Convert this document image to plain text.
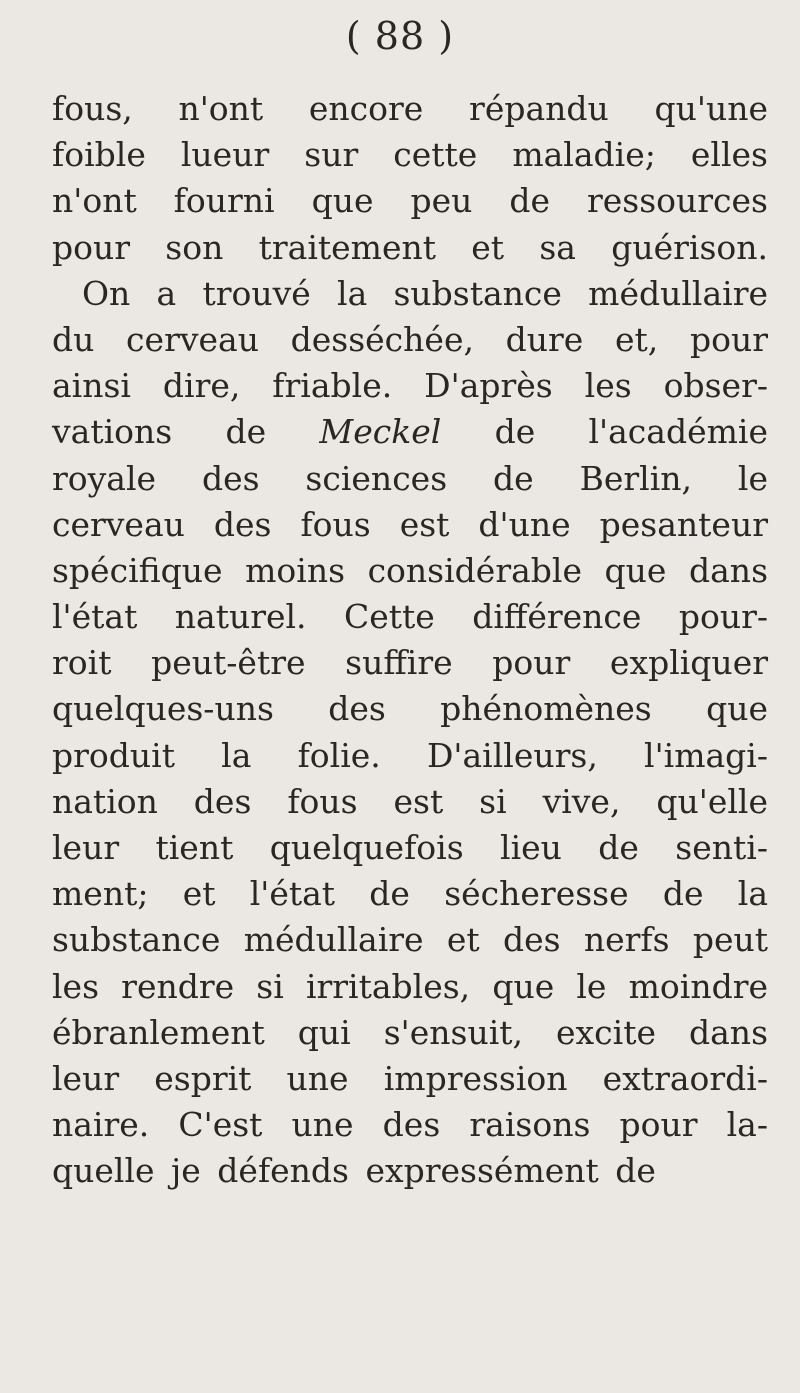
( 88 )
fous, n'ont encore répandu qu'une
foible lueur sur cette maladie; elles
n'ont fourni que peu de ressources
pour son traitement et sa guérison.
On a trouvé la substance médullaire
du cerveau desséchée, dure et, pour
ainsi dire, friable. D'après les obser-
vations de Meckel de l'académie
royale des sciences de Berlin, le
cerveau des fous est d'une pesanteur
spécifique moins considérable que dans
l'état naturel. Cette différence pour-
roit peut-être suffire pour expliquer
quelques-uns des phénomènes que
produit la folie. D'ailleurs, l'imagi-
nation des fous est si vive, qu'elle
leur tient quelquefois lieu de senti-
ment; et l'état de sécheresse de la
substance médullaire et des nerfs peut
les rendre si irritables, que le moindre
ébranlement qui s'ensuit, excite dans
leur esprit une impression extraordi-
naire. C'est une des raisons pour la-
quelle je défends expressément de
